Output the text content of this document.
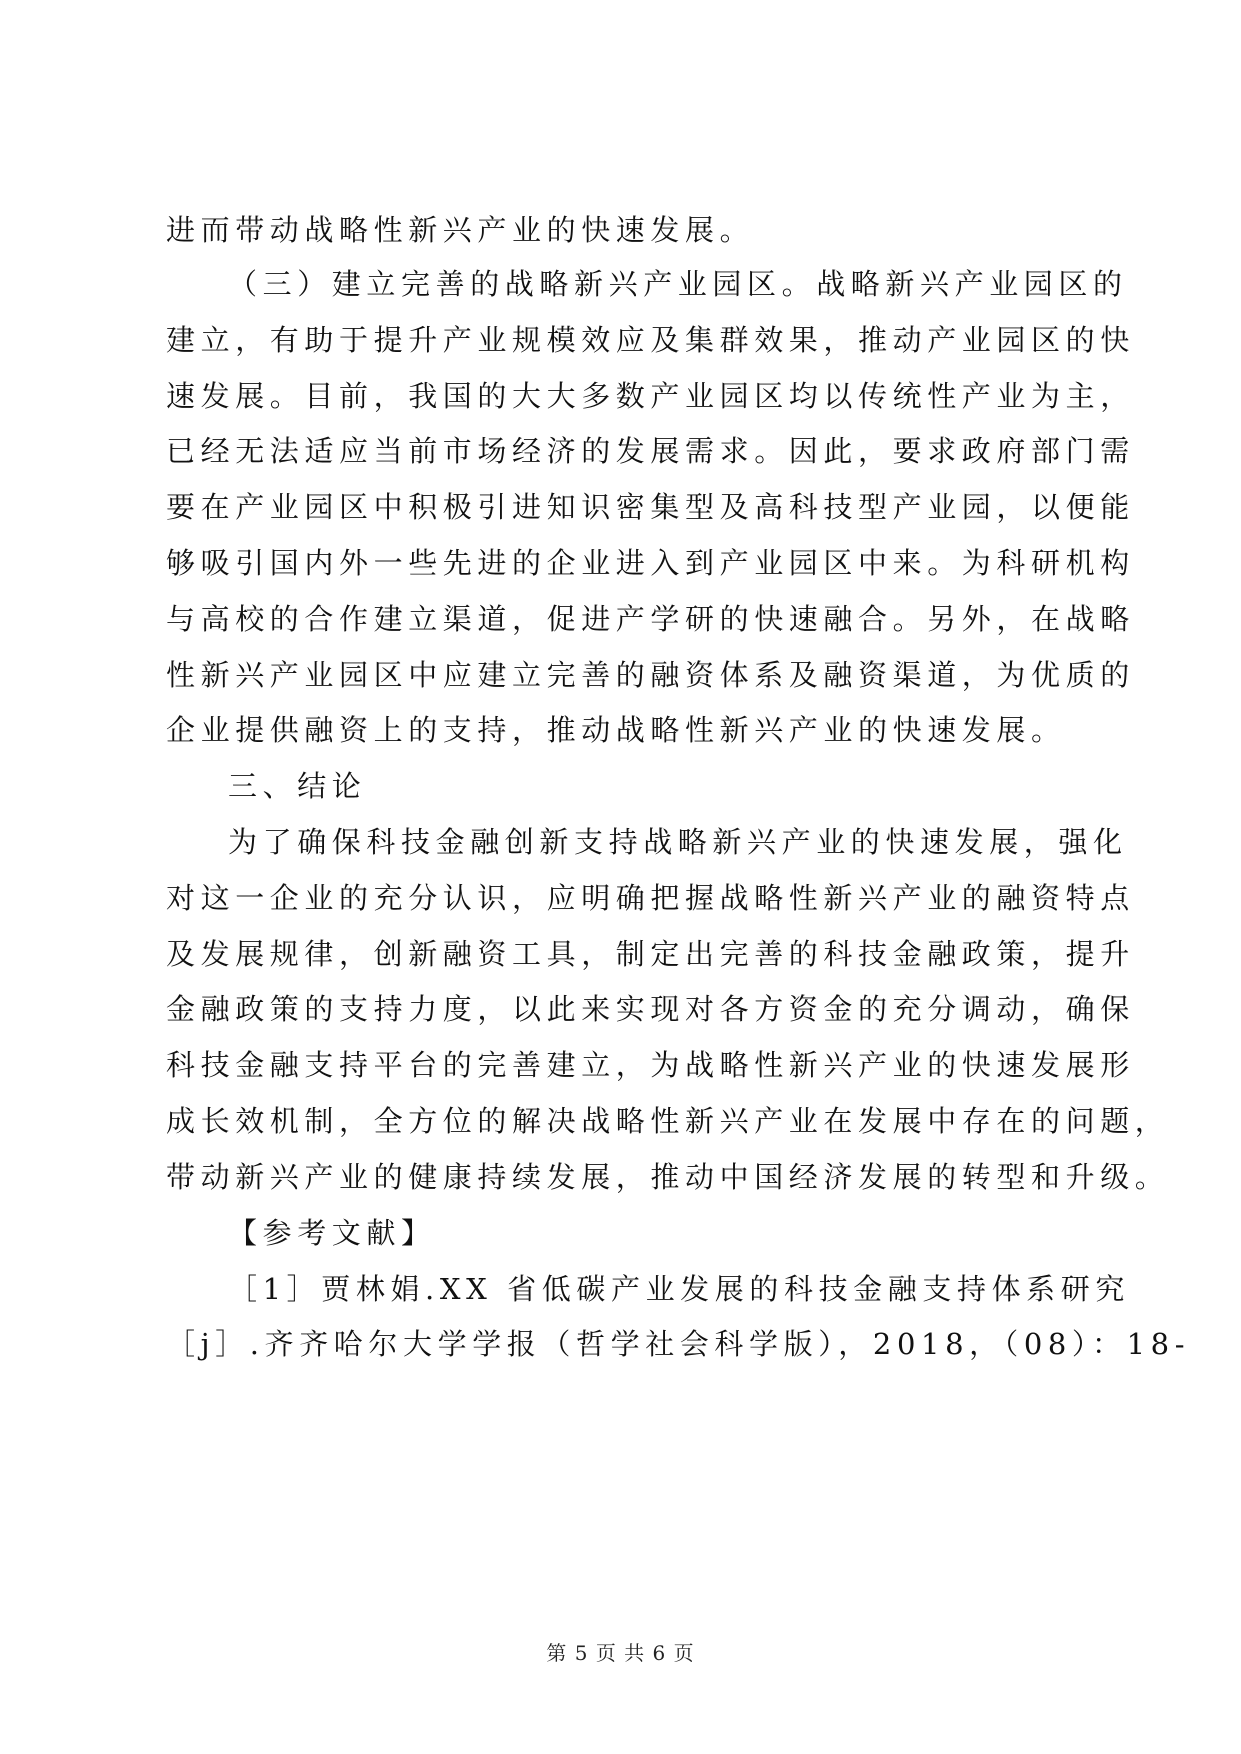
进而带动战略性新兴产业的快速发展。
（三）建立完善的战略新兴产业园区。战略新兴产业园区的
建立，有助于提升产业规模效应及集群效果，推动产业园区的快
速发展。目前，我国的大大多数产业园区均以传统性产业为主，
已经无法适应当前市场经济的发展需求。因此，要求政府部门需
要在产业园区中积极引进知识密集型及高科技型产业园，以便能
够吸引国内外一些先进的企业进入到产业园区中来。为科研机构
与高校的合作建立渠道，促进产学研的快速融合。另外，在战略
性新兴产业园区中应建立完善的融资体系及融资渠道，为优质的
企业提供融资上的支持，推动战略性新兴产业的快速发展。
三、结论
为了确保科技金融创新支持战略新兴产业的快速发展，强化
对这一企业的充分认识，应明确把握战略性新兴产业的融资特点
及发展规律，创新融资工具，制定出完善的科技金融政策，提升
金融政策的支持力度，以此来实现对各方资金的充分调动，确保
科技金融支持平台的完善建立，为战略性新兴产业的快速发展形
成长效机制，全方位的解决战略性新兴产业在发展中存在的问题，
带动新兴产业的健康持续发展，推动中国经济发展的转型和升级。
【参考文献】
［1］贾林娟.XX 省低碳产业发展的科技金融支持体系研究
［j］.齐齐哈尔大学学报（哲学社会科学版），2018，（08）：18-
第 5 页 共 6 页
